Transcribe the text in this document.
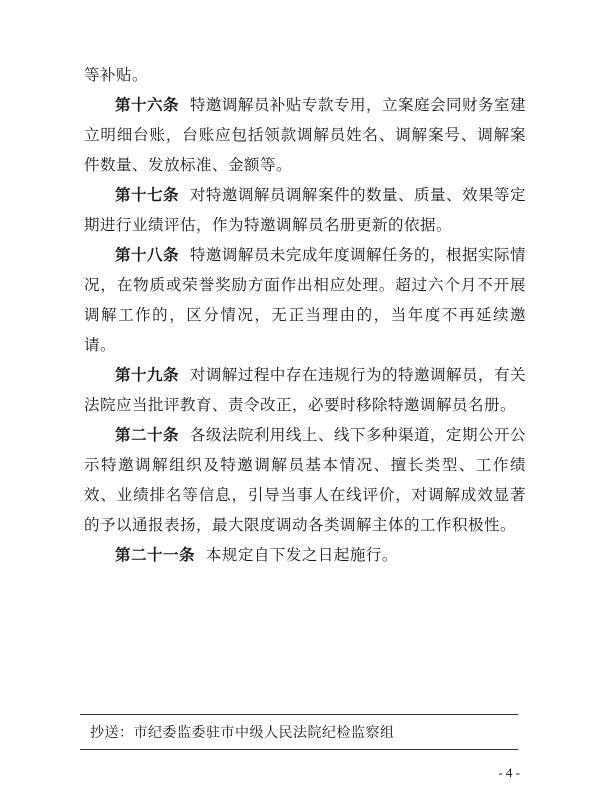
等补贴。

第十六条 特邀调解员补贴专款专用，立案庭会同财务室建立明细台账，台账应包括领款调解员姓名、调解案号、调解案件数量、发放标准、金额等。

第十七条 对特邀调解员调解案件的数量、质量、效果等定期进行业绩评估，作为特邀调解员名册更新的依据。

第十八条 特邀调解员未完成年度调解任务的，根据实际情况，在物质或荣誉奖励方面作出相应处理。超过六个月不开展调解工作的，区分情况，无正当理由的，当年度不再延续邀请。

第十九条 对调解过程中存在违规行为的特邀调解员，有关法院应当批评教育、责令改正，必要时移除特邀调解员名册。

第二十条 各级法院利用线上、线下多种渠道，定期公开公示特邀调解组织及特邀调解员基本情况、擅长类型、工作绩效、业绩排名等信息，引导当事人在线评价，对调解成效显著的予以通报表扬，最大限度调动各类调解主体的工作积极性。

第二十一条 本规定自下发之日起施行。

抄送： 市纪委监委驻市中级人民法院纪检监察组
- 4 -
